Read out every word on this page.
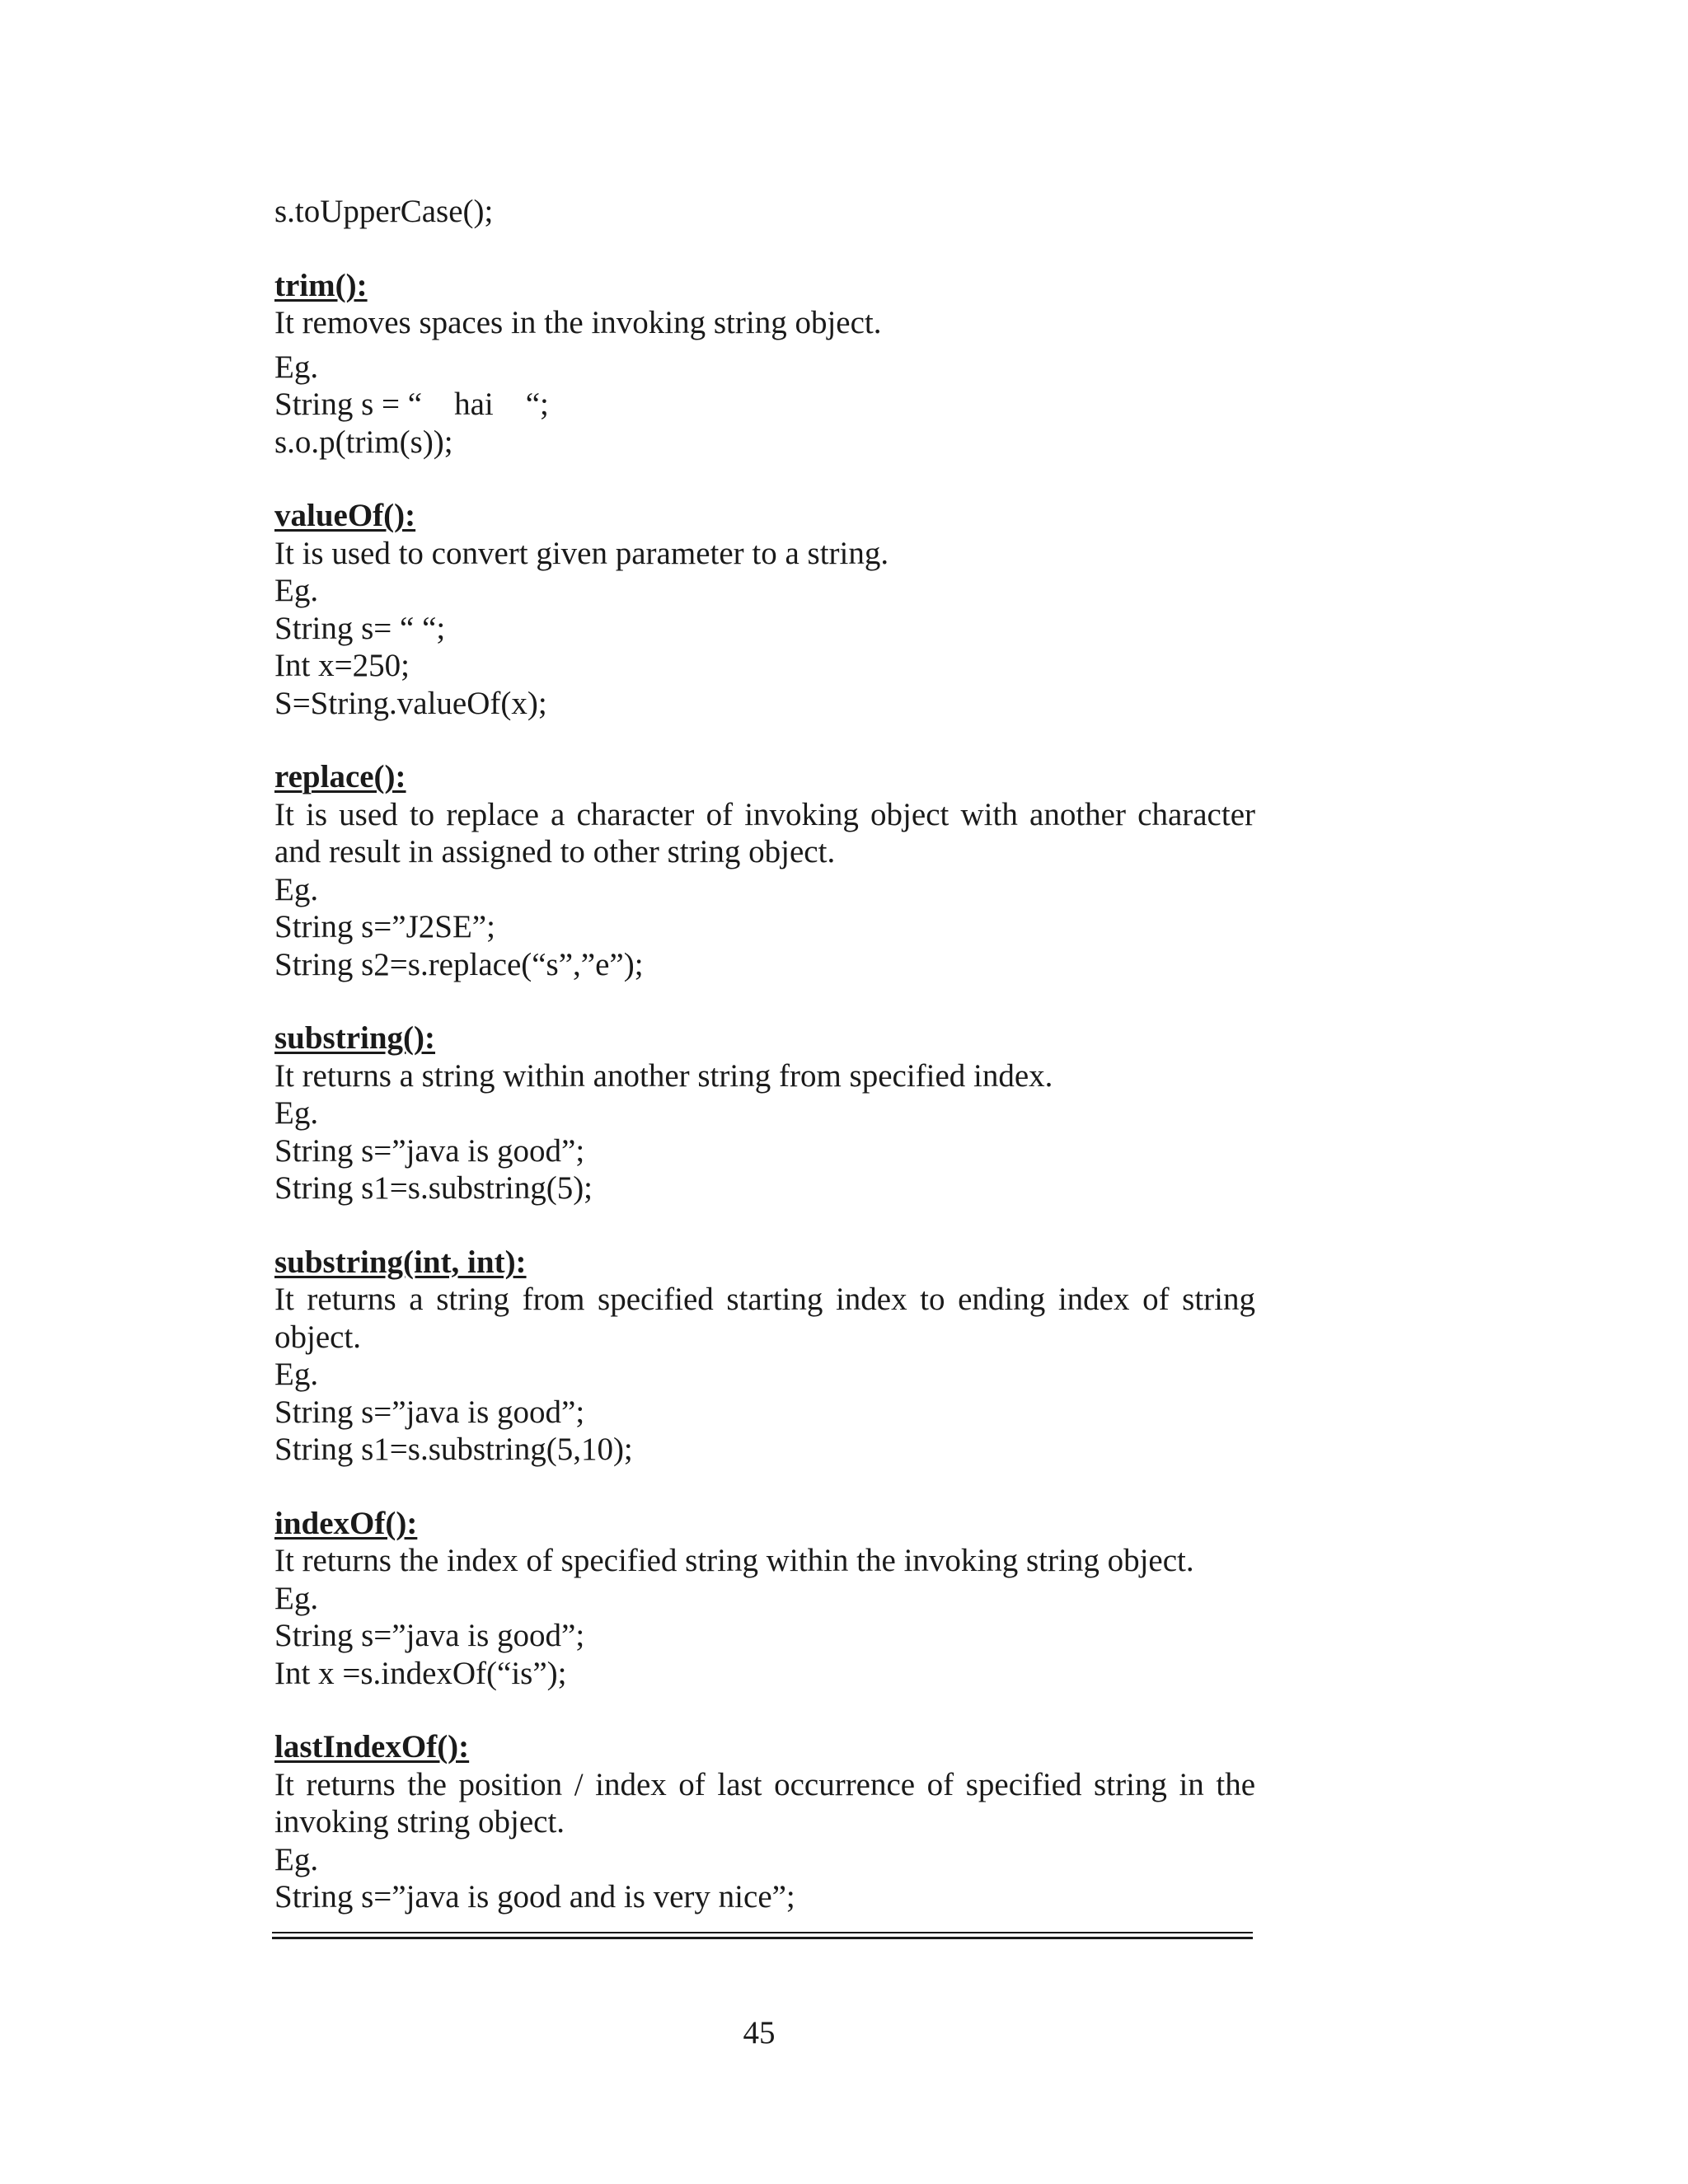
s.toUpperCase();

trim():

It removes spaces in the invoking string object.

Eg.

String s = “    hai    “;

s.o.p(trim(s));

valueOf():

It is used to convert given parameter to a string.

Eg.

String s= “ “;

Int x=250;

S=String.valueOf(x);

replace():

It is used to replace a character of invoking object with another character and result in assigned to other string object.

Eg.

String s=”J2SE”;

String s2=s.replace(“s”,”e”);

substring():

It returns a string within another string from specified index.

Eg.

String s=”java is good”;

String s1=s.substring(5);

substring(int, int):

It returns a string from specified starting index to ending index of string object.

Eg.

String s=”java is good”;

String s1=s.substring(5,10);

indexOf():

It returns the index of specified string within the invoking string object.

Eg.

String s=”java is good”;

Int x =s.indexOf(“is”);

lastIndexOf():

It returns the position / index of last occurrence of specified string in the invoking string object.

Eg.

String s=”java is good and is very nice”;

45
